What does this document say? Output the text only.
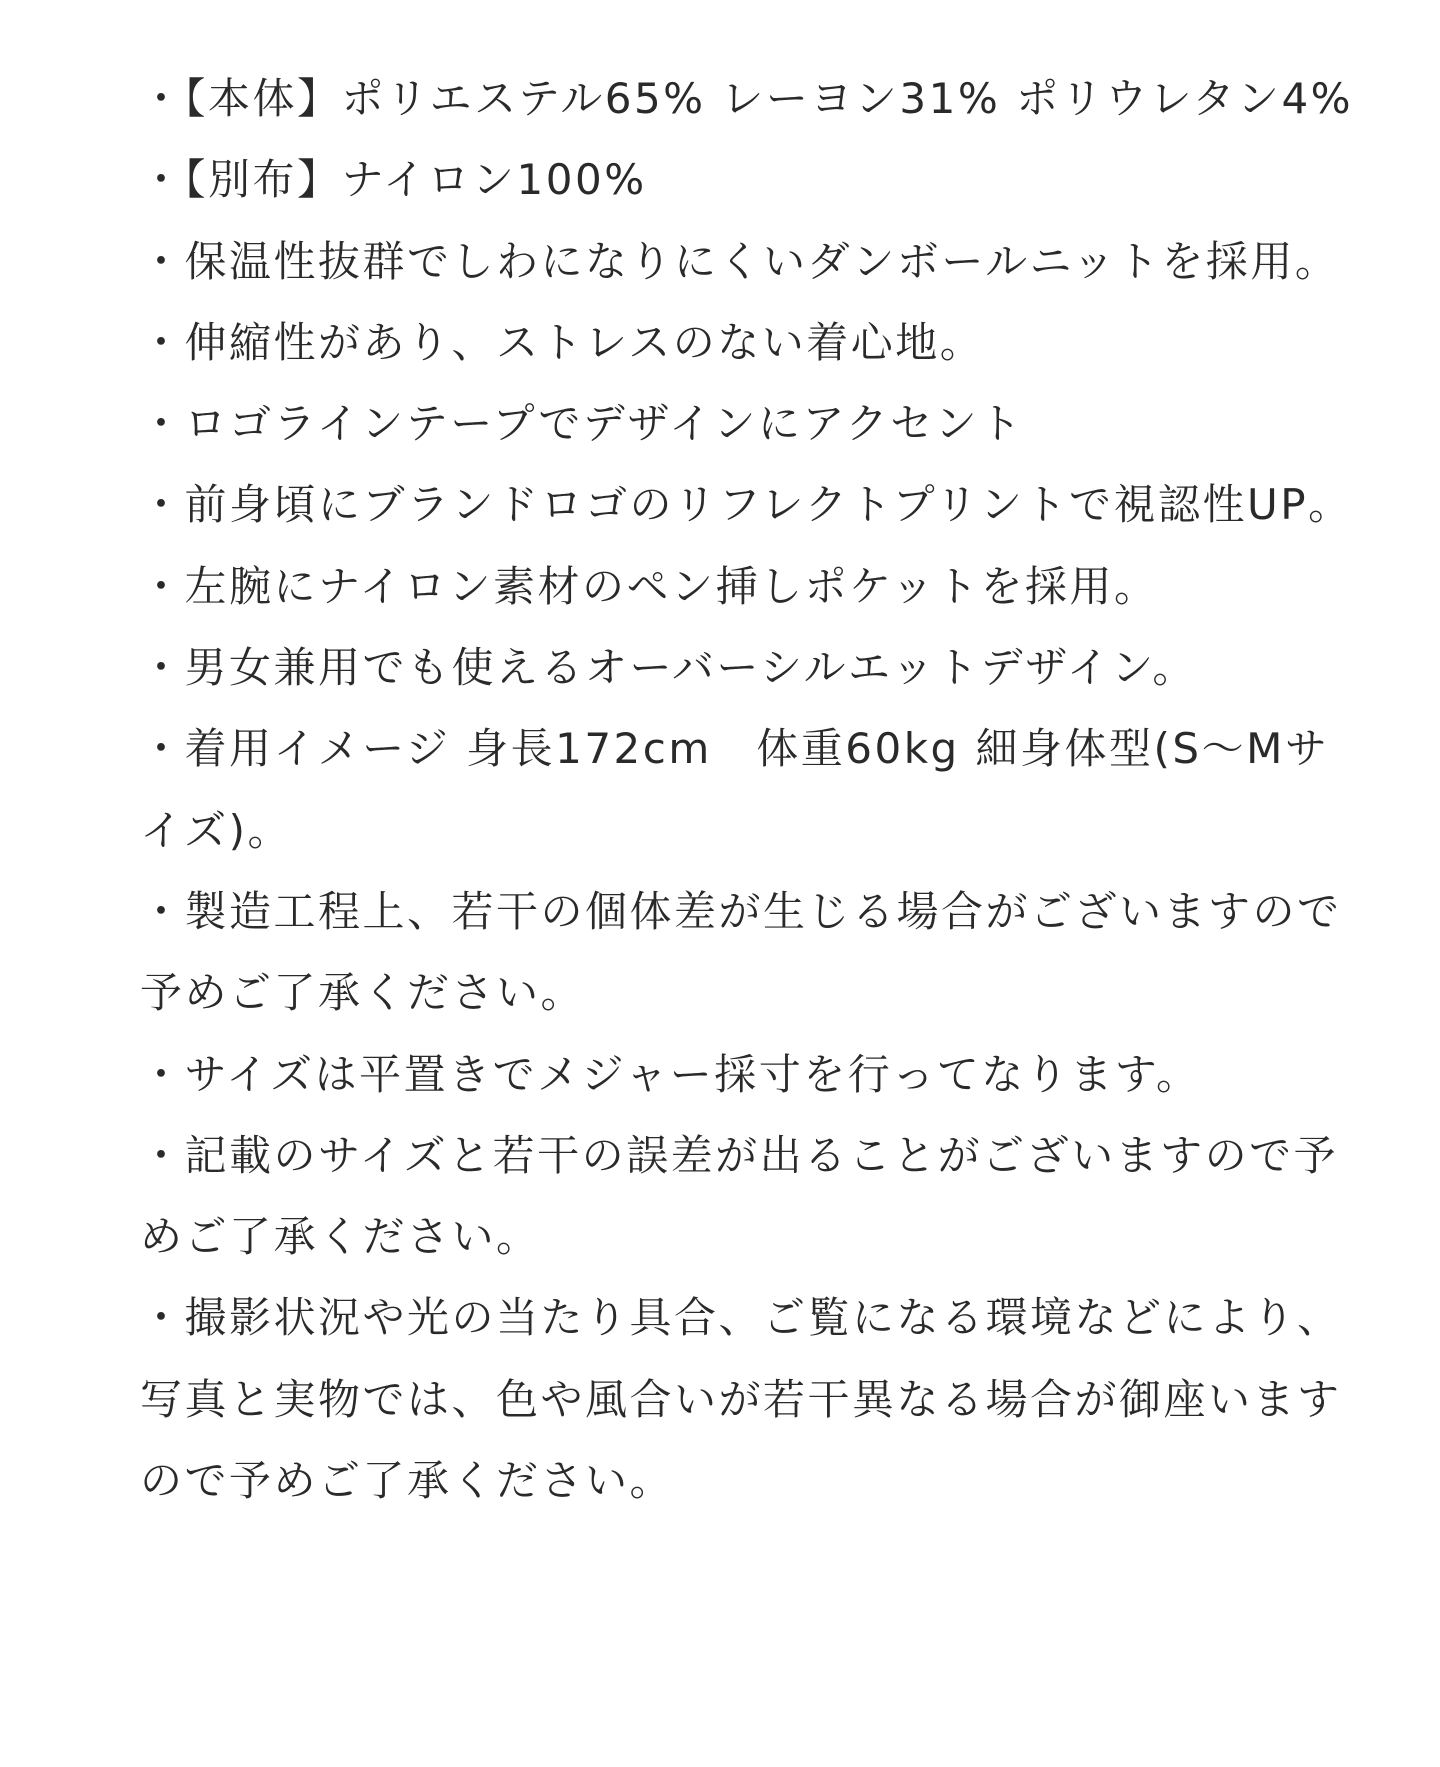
・【本体】ポリエステル65% レーヨン31% ポリウレタン4%

・【別布】ナイロン100%

・保温性抜群でしわになりにくいダンボールニットを採用。

・伸縮性があり、ストレスのない着心地。

・ロゴラインテープでデザインにアクセント

・前身頃にブランドロゴのリフレクトプリントで視認性UP。

・左腕にナイロン素材のペン挿しポケットを採用。

・男女兼用でも使えるオーバーシルエットデザイン。

・着用イメージ 身長172cm　体重60kg 細身体型(S〜Mサイズ)。

・製造工程上、若干の個体差が生じる場合がございますので予めご了承ください。

・サイズは平置きでメジャー採寸を行ってなります。

・記載のサイズと若干の誤差が出ることがございますので予めご了承ください。

・撮影状況や光の当たり具合、ご覧になる環境などにより、写真と実物では、色や風合いが若干異なる場合が御座いますので予めご了承ください。
